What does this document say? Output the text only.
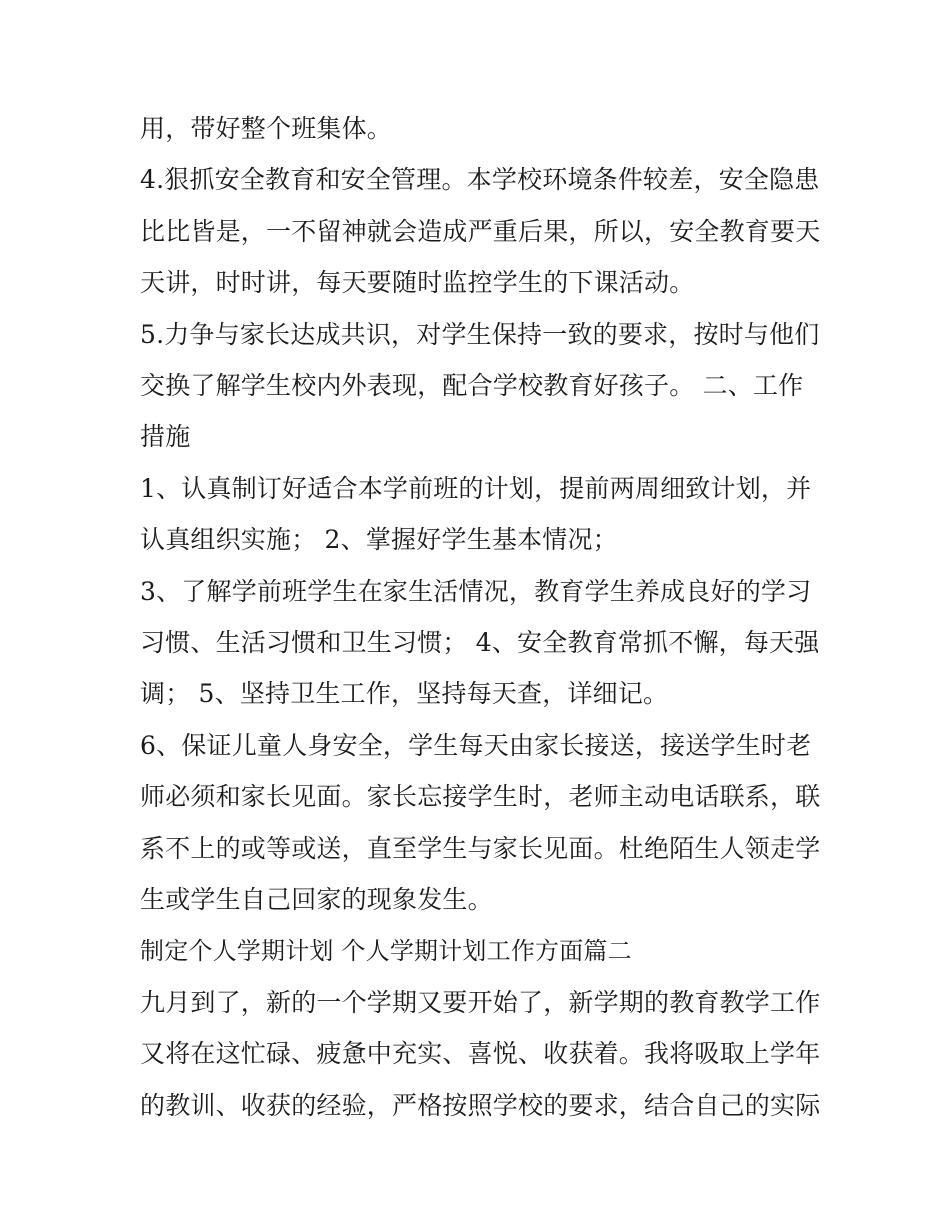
用，带好整个班集体。

4.狠抓安全教育和安全管理。本学校环境条件较差，安全隐患

比比皆是，一不留神就会造成严重后果，所以，安全教育要天

天讲，时时讲，每天要随时监控学生的下课活动。

5.力争与家长达成共识，对学生保持一致的要求，按时与他们

交换了解学生校内外表现，配合学校教育好孩子。 二、工作

措施

1、认真制订好适合本学前班的计划，提前两周细致计划，并

认真组织实施； 2、掌握好学生基本情况；

3、了解学前班学生在家生活情况，教育学生养成良好的学习

习惯、生活习惯和卫生习惯； 4、安全教育常抓不懈，每天强

调； 5、坚持卫生工作，坚持每天查，详细记。

6、保证儿童人身安全，学生每天由家长接送，接送学生时老

师必须和家长见面。家长忘接学生时，老师主动电话联系，联

系不上的或等或送，直至学生与家长见面。杜绝陌生人领走学

生或学生自己回家的现象发生。

制定个人学期计划 个人学期计划工作方面篇二

九月到了，新的一个学期又要开始了，新学期的教育教学工作

又将在这忙碌、疲惫中充实、喜悦、收获着。我将吸取上学年

的教训、收获的经验，严格按照学校的要求，结合自己的实际
